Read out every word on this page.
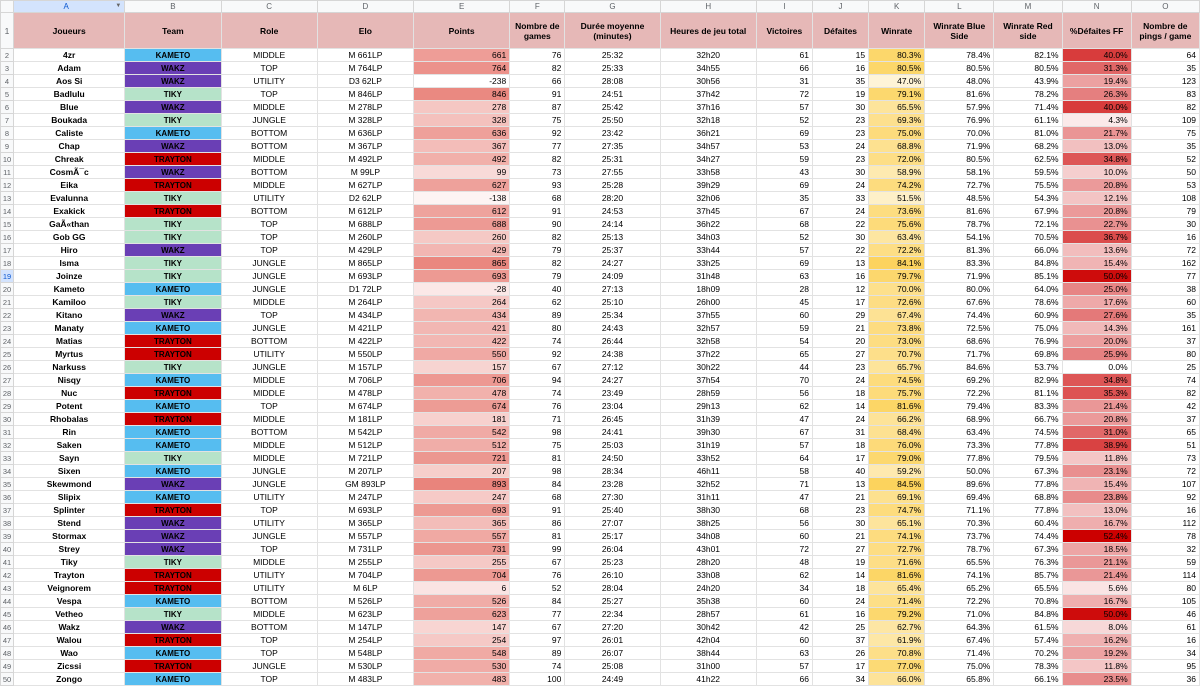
	A ▼	B	C	D	E	F	G	H	I	J	K	L	M	N	O
1	Joueurs	Team	Role	Elo	Points	Nombre de games	Durée moyenne (minutes)	Heures de jeu total	Victoires	Défaites	Winrate	Winrate Blue Side	Winrate Red side	%Défaites FF	Nombre de pings / game
2	4zr	KAMETO	MIDDLE	M 661LP	661	76	25:32	32h20	61	15	80.3%	78.4%	82.1%	40.0%	64
3	Adam	WAKZ	TOP	M 764LP	764	82	25:33	34h55	66	16	80.5%	80.5%	80.5%	31.3%	35
4	Aos Si	WAKZ	UTILITY	D3 62LP	-238	66	28:08	30h56	31	35	47.0%	48.0%	43.9%	19.4%	123
5	Badlulu	TIKY	TOP	M 846LP	846	91	24:51	37h42	72	19	79.1%	81.6%	78.2%	26.3%	83
6	Blue	WAKZ	MIDDLE	M 278LP	278	87	25:42	37h16	57	30	65.5%	57.9%	71.4%	40.0%	82
7	Boukada	TIKY	JUNGLE	M 328LP	328	75	25:50	32h18	52	23	69.3%	76.9%	61.1%	4.3%	109
8	Caliste	KAMETO	BOTTOM	M 636LP	636	92	23:42	36h21	69	23	75.0%	70.0%	81.0%	21.7%	75
9	Chap	WAKZ	BOTTOM	M 367LP	367	77	27:35	34h57	53	24	68.8%	71.9%	68.2%	13.0%	35
10	Chreak	TRAYTON	MIDDLE	M 492LP	492	82	25:31	34h27	59	23	72.0%	80.5%	62.5%	34.8%	52
11	CosmÃ¯c	WAKZ	BOTTOM	M 99LP	99	73	27:55	33h58	43	30	58.9%	58.1%	59.5%	10.0%	50
12	Eika	TRAYTON	MIDDLE	M 627LP	627	93	25:28	39h29	69	24	74.2%	72.7%	75.5%	20.8%	53
13	Evalunna	TIKY	UTILITY	D2 62LP	-138	68	28:20	32h06	35	33	51.5%	48.5%	54.3%	12.1%	108
14	Exakick	TRAYTON	BOTTOM	M 612LP	612	91	24:53	37h45	67	24	73.6%	81.6%	67.9%	20.8%	79
15	GaÃ«than	TIKY	TOP	M 688LP	688	90	24:14	36h22	68	22	75.6%	78.7%	72.1%	22.7%	30
16	Gob GG	TIKY	TOP	M 260LP	260	82	25:13	34h03	52	30	63.4%	54.1%	70.5%	36.7%	16
17	Hiro	WAKZ	TOP	M 429LP	429	79	25:37	33h44	57	22	72.2%	81.3%	66.0%	13.6%	72
18	Isma	TIKY	JUNGLE	M 865LP	865	82	24:27	33h25	69	13	84.1%	83.3%	84.8%	15.4%	162
19	Joinze	TIKY	JUNGLE	M 693LP	693	79	24:09	31h48	63	16	79.7%	71.9%	85.1%	50.0%	77
20	Kameto	KAMETO	JUNGLE	D1 72LP	-28	40	27:13	18h09	28	12	70.0%	80.0%	64.0%	25.0%	38
21	Kamiloo	TIKY	MIDDLE	M 264LP	264	62	25:10	26h00	45	17	72.6%	67.6%	78.6%	17.6%	60
22	Kitano	WAKZ	TOP	M 434LP	434	89	25:34	37h55	60	29	67.4%	74.4%	60.9%	27.6%	35
23	Manaty	KAMETO	JUNGLE	M 421LP	421	80	24:43	32h57	59	21	73.8%	72.5%	75.0%	14.3%	161
24	Matias	TRAYTON	BOTTOM	M 422LP	422	74	26:44	32h58	54	20	73.0%	68.6%	76.9%	20.0%	37
25	Myrtus	TRAYTON	UTILITY	M 550LP	550	92	24:38	37h22	65	27	70.7%	71.7%	69.8%	25.9%	80
26	Narkuss	TIKY	JUNGLE	M 157LP	157	67	27:12	30h22	44	23	65.7%	84.6%	53.7%	0.0%	25
27	Nisqy	KAMETO	MIDDLE	M 706LP	706	94	24:27	37h54	70	24	74.5%	69.2%	82.9%	34.8%	74
28	Nuc	TRAYTON	MIDDLE	M 478LP	478	74	23:49	28h59	56	18	75.7%	72.2%	81.1%	35.3%	82
29	Potent	KAMETO	TOP	M 674LP	674	76	23:04	29h13	62	14	81.6%	79.4%	83.3%	21.4%	42
30	Rhobalas	TRAYTON	MIDDLE	M 181LP	181	71	26:45	31h39	47	24	66.2%	68.9%	66.7%	20.8%	37
31	Rin	KAMETO	BOTTOM	M 542LP	542	98	24:41	39h30	67	31	68.4%	63.4%	74.5%	31.0%	65
32	Saken	KAMETO	MIDDLE	M 512LP	512	75	25:03	31h19	57	18	76.0%	73.3%	77.8%	38.9%	51
33	Sayn	TIKY	MIDDLE	M 721LP	721	81	24:50	33h52	64	17	79.0%	77.8%	79.5%	11.8%	73
34	Sixen	KAMETO	JUNGLE	M 207LP	207	98	28:34	46h11	58	40	59.2%	50.0%	67.3%	23.1%	72
35	Skewmond	WAKZ	JUNGLE	GM 893LP	893	84	23:28	32h52	71	13	84.5%	89.6%	77.8%	15.4%	107
36	Slipix	KAMETO	UTILITY	M 247LP	247	68	27:30	31h11	47	21	69.1%	69.4%	68.8%	23.8%	92
37	Splinter	TRAYTON	TOP	M 693LP	693	91	25:40	38h30	68	23	74.7%	71.1%	77.8%	13.0%	16
38	Stend	WAKZ	UTILITY	M 365LP	365	86	27:07	38h25	56	30	65.1%	70.3%	60.4%	16.7%	112
39	Stormax	WAKZ	JUNGLE	M 557LP	557	81	25:17	34h08	60	21	74.1%	73.7%	74.4%	52.4%	78
40	Strey	WAKZ	TOP	M 731LP	731	99	26:04	43h01	72	27	72.7%	78.7%	67.3%	18.5%	32
41	Tiky	TIKY	MIDDLE	M 255LP	255	67	25:23	28h20	48	19	71.6%	65.5%	76.3%	21.1%	59
42	Trayton	TRAYTON	UTILITY	M 704LP	704	76	26:10	33h08	62	14	81.6%	74.1%	85.7%	21.4%	114
43	Veignorem	TRAYTON	UTILITY	M 6LP	6	52	28:04	24h20	34	18	65.4%	65.2%	65.5%	5.6%	80
44	Vespa	KAMETO	BOTTOM	M 526LP	526	84	25:27	35h38	60	24	71.4%	72.2%	70.8%	16.7%	105
45	Vetheo	TIKY	MIDDLE	M 623LP	623	77	22:34	28h57	61	16	79.2%	71.0%	84.8%	50.0%	46
46	Wakz	WAKZ	BOTTOM	M 147LP	147	67	27:20	30h42	42	25	62.7%	64.3%	61.5%	8.0%	61
47	Walou	TRAYTON	TOP	M 254LP	254	97	26:01	42h04	60	37	61.9%	67.4%	57.4%	16.2%	16
48	Wao	KAMETO	TOP	M 548LP	548	89	26:07	38h44	63	26	70.8%	71.4%	70.2%	19.2%	34
49	Zicssi	TRAYTON	JUNGLE	M 530LP	530	74	25:08	31h00	57	17	77.0%	75.0%	78.3%	11.8%	95
50	Zongo	KAMETO	TOP	M 483LP	483	100	24:49	41h22	66	34	66.0%	65.8%	66.1%	23.5%	36
